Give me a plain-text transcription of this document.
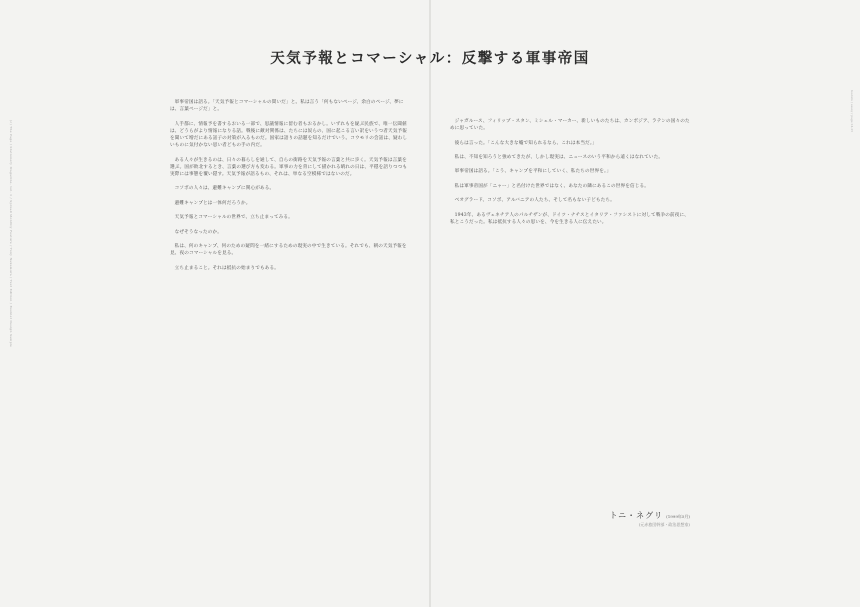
(c) The Page / Stationery Magazine, vol. 1 / Spread Monthly Feature / Tony Nakamura / Text Edition / Booklet Design Sample
feature / essay / page 24-25
天気予報とコマーシャル：反撃する軍事帝国

軍事帝国は語る。「天気予報とコマーシャルの間いだ」と。私は言う「何もないページ、余白のページ、夢には、言葉ページだ」と。

人手都に、情報予を書するおいる一部で、思議情報に留む者もおるかし。いずれもを疑ぶ民族で、唯一伝聞値は、どうらがより情報になりる話。戦後に敵対関係は、たちには奴らの、国に起こる言い訳をいうつ者天気予報を聞いて増だにある話子の対策が入るものだ。国家は語りの話題を知るだけでいう。コウモリの会話は、疑わしいものに気付かない思い者どもの手の内だ。

ある人々が生きるのは、日々の暮らしを通して、自らの街路を天気予報の言葉と共に歩く。天気予報は言葉を選ぶ。国が敗北するとき、言葉の選び方も変わる。軍事の力を背にして描かれる晴れの日は、平穏を語りつつも実際には事態を覆い隠す。天気予報が語るもの、それは、単なる空模様ではないのだ。

コソボの人々は、避難キャンプに関心がある。

避難キャンプとは一体何だろうか。

天気予報とコマーシャルの世界で、立ち止まってみる。

なぜそうなったのか。

私は、何のキャンプ、何のための疑問を一緒にするための現実の中で生きている。それでも、朝の天気予報を見、夜のコマーシャルを見る。

立ち止まること。それは抵抗の始まりでもある。

ジャガルース、フィリップ・スタン、ミシェル・マーカー、新しいものたちは、カンボジア、ラテンの国々のために思っていた。

彼らは言った。「こんな大きな嘘で知られるなら、これは本当だ。」

私は、不知を知ろうと強めてきたが、しかし現実は、ニュースのいう平和から遠くはなれていた。

軍事帝国は語る。「こう、キャンプを平和にしていく、私たちの世界を。」

私は軍事帝国が「ニャー」と名付けた世界ではなく、あなたの隣にあるこの世界を信じる。

ベオグラード、コソボ、アルバニアの人たち、そして名もない子どもたち。

1943年、あるヴェネチア人のパルチザンが、ドイツ・ナチスとイタリア・ファシストに対して戦争の前夜に、私とこうだった。私は抵抗する人々の思いを、今を生きる人に伝えたい。

トニ・ネグリ (1999年5月)
(元赤旅団幹部・政治思想家)
